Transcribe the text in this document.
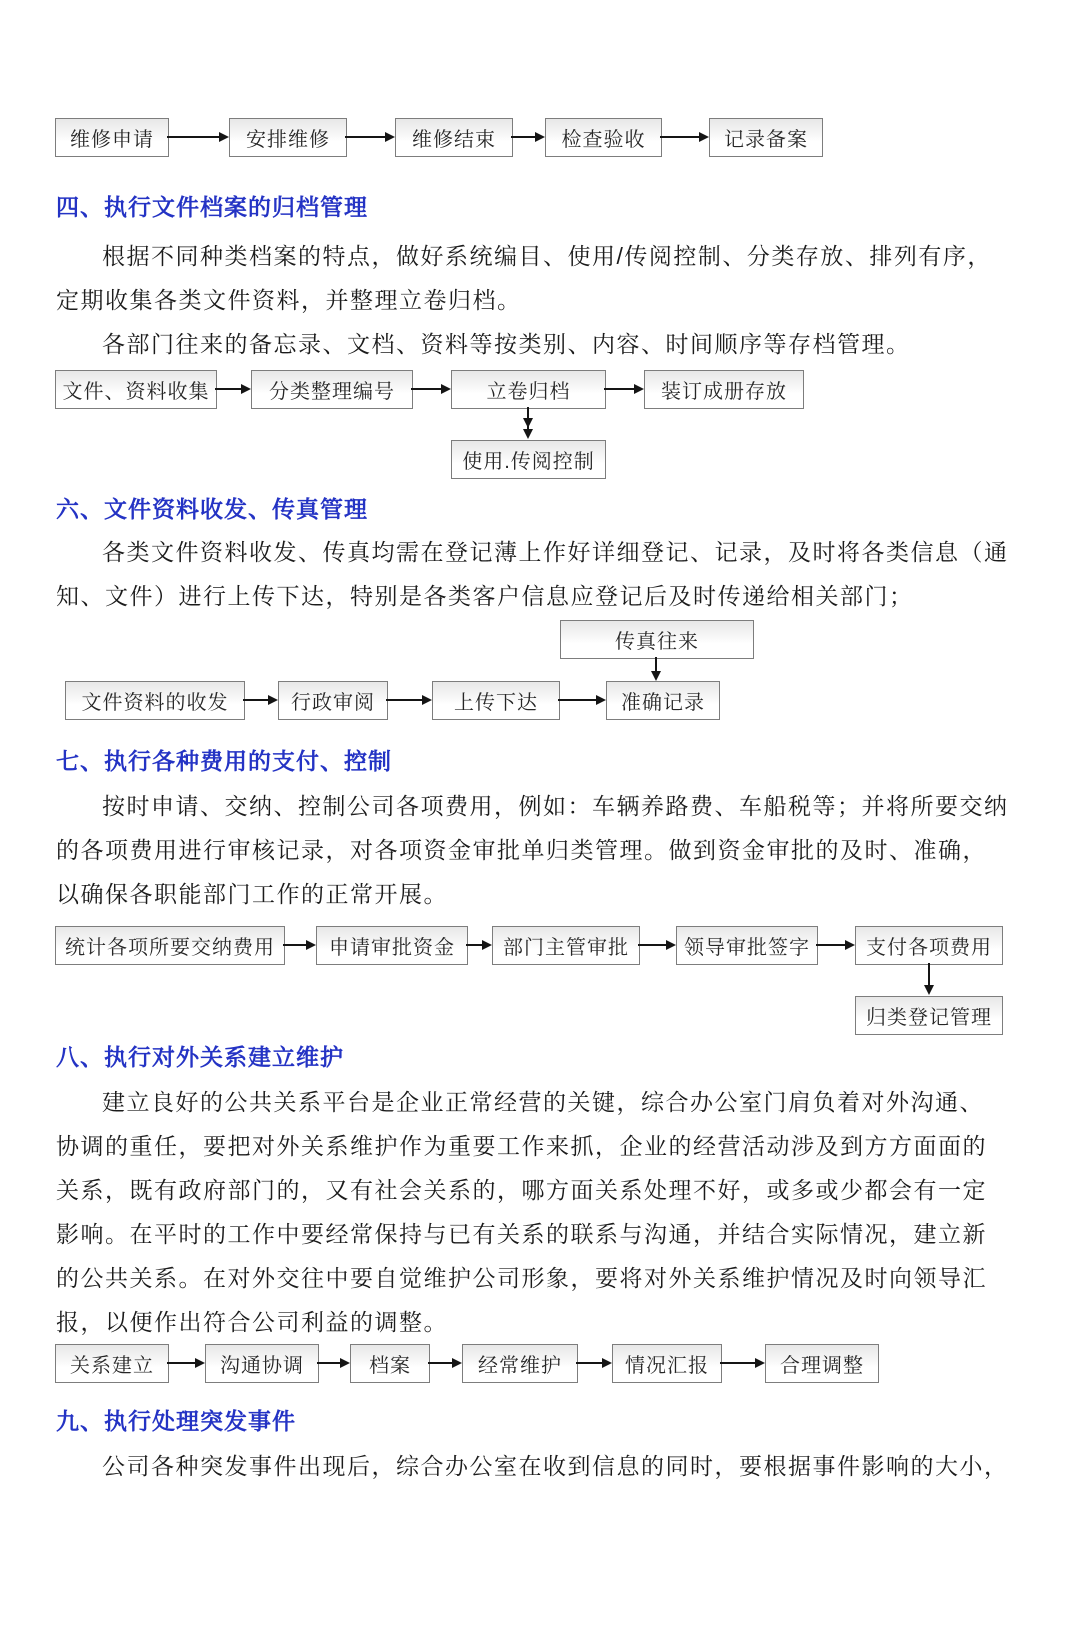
维修申请	安排维修	维修结束	检查验收	记录备案
四、执行文件档案的归档管理
根据不同种类档案的特点，做好系统编目、使用/传阅控制、分类存放、排列有序，
定期收集各类文件资料，并整理立卷归档。
各部门往来的备忘录、文档、资料等按类别、内容、时间顺序等存档管理。
文件、资料收集	分类整理编号	立卷归档	装订成册存放
使用.传阅控制
六、文件资料收发、传真管理
各类文件资料收发、传真均需在登记薄上作好详细登记、记录，及时将各类信息（通
知、文件）进行上传下达，特别是各类客户信息应登记后及时传递给相关部门；
传真往来
文件资料的收发	行政审阅	上传下达	准确记录
七、执行各种费用的支付、控制
按时申请、交纳、控制公司各项费用，例如：车辆养路费、车船税等；并将所要交纳
的各项费用进行审核记录，对各项资金审批单归类管理。做到资金审批的及时、准确，
以确保各职能部门工作的正常开展。
统计各项所要交纳费用	申请审批资金	部门主管审批	领导审批签字	支付各项费用
归类登记管理
八、执行对外关系建立维护
建立良好的公共关系平台是企业正常经营的关键，综合办公室门肩负着对外沟通、
协调的重任，要把对外关系维护作为重要工作来抓，企业的经营活动涉及到方方面面的
关系，既有政府部门的，又有社会关系的，哪方面关系处理不好，或多或少都会有一定
影响。在平时的工作中要经常保持与已有关系的联系与沟通，并结合实际情况，建立新
的公共关系。在对外交往中要自觉维护公司形象，要将对外关系维护情况及时向领导汇
报，以便作出符合公司利益的调整。
关系建立	沟通协调	档案	经常维护	情况汇报	合理调整
九、执行处理突发事件
公司各种突发事件出现后，综合办公室在收到信息的同时，要根据事件影响的大小，
